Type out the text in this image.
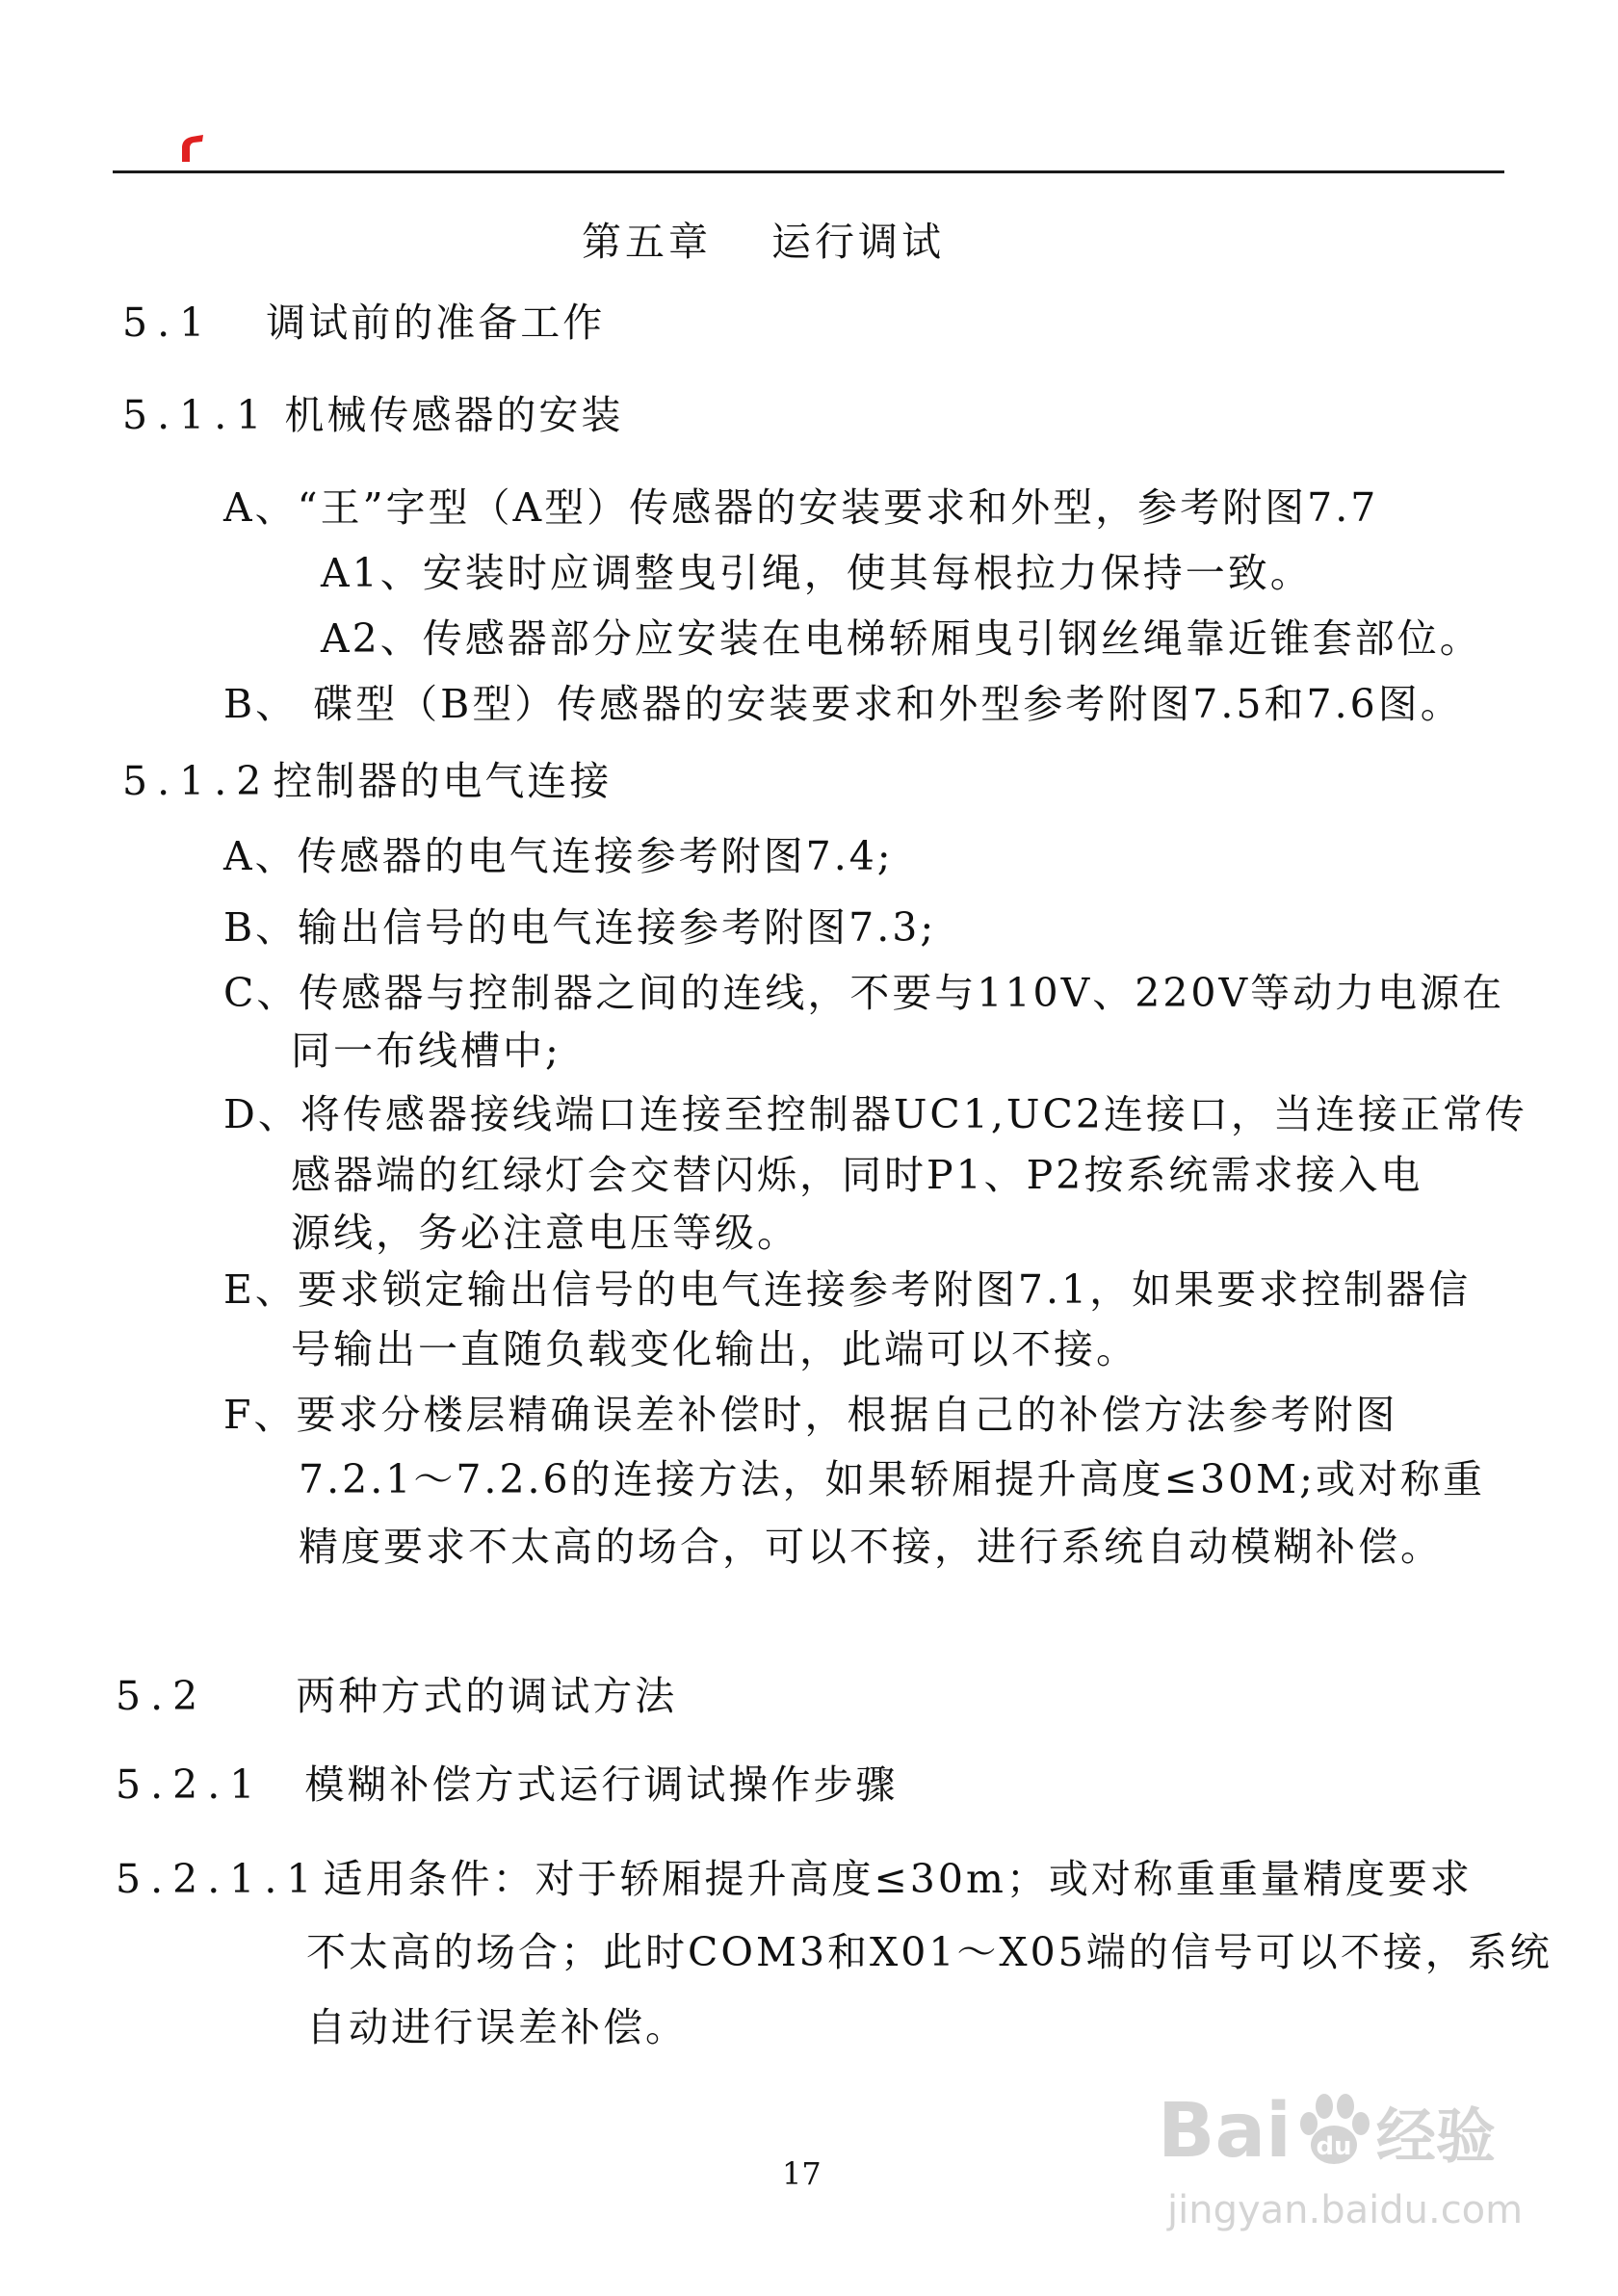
第五章 运行调试
5.1 调试前的准备工作
5.1.1 机械传感器的安装
A、“王”字型（A型）传感器的安装要求和外型，参考附图7.7
A1、安装时应调整曳引绳，使其每根拉力保持一致。
A2、传感器部分应安装在电梯轿厢曳引钢丝绳靠近锥套部位。
B、 碟型（B型）传感器的安装要求和外型参考附图7.5和7.6图。
5.1.2控制器的电气连接
A、传感器的电气连接参考附图7.4;
B、输出信号的电气连接参考附图7.3;
C、传感器与控制器之间的连线，不要与110V、220V等动力电源在
同一布线槽中;
D、将传感器接线端口连接至控制器UC1,UC2连接口，当连接正常传
感器端的红绿灯会交替闪烁，同时P1、P2按系统需求接入电
源线，务必注意电压等级。
E、要求锁定输出信号的电气连接参考附图7.1，如果要求控制器信
号输出一直随负载变化输出，此端可以不接。
F、要求分楼层精确误差补偿时，根据自己的补偿方法参考附图
7.2.1～7.2.6的连接方法，如果轿厢提升高度≤30M;或对称重
精度要求不太高的场合，可以不接，进行系统自动模糊补偿。
5.2 两种方式的调试方法
5.2.1 模糊补偿方式运行调试操作步骤
5.2.1.1适用条件：对于轿厢提升高度≤30m；或对称重重量精度要求
不太高的场合；此时COM3和X01～X05端的信号可以不接，系统
自动进行误差补偿。
17	Bai du 经验
jingyan.baidu.com
